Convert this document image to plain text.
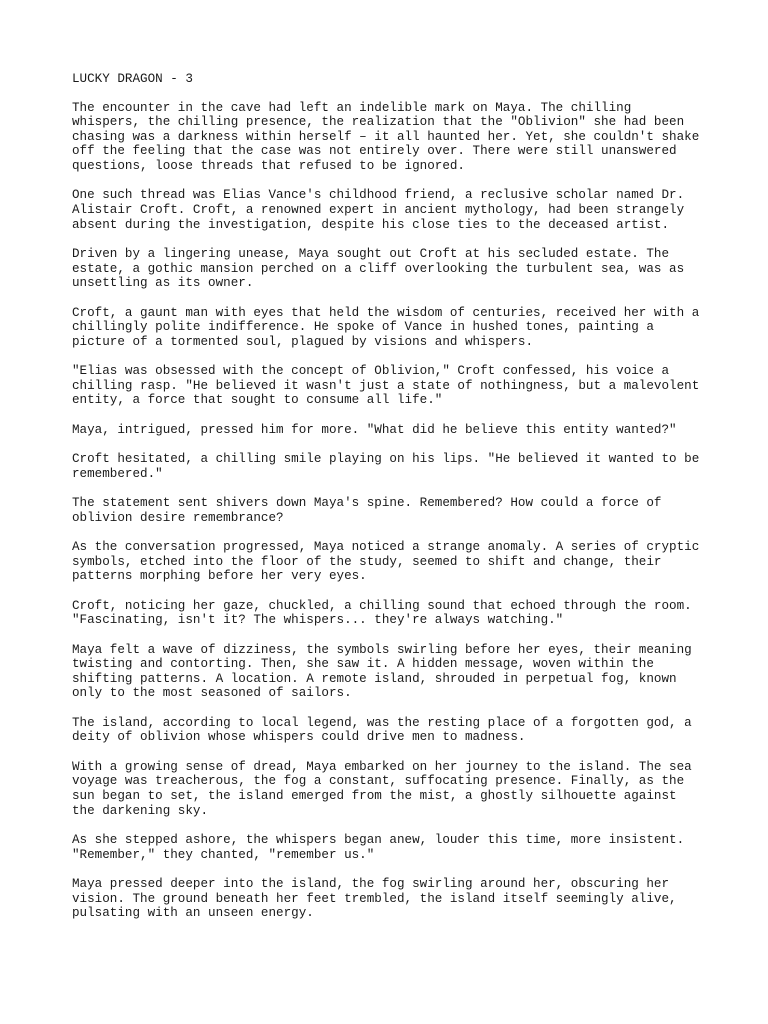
LUCKY DRAGON - 3
The encounter in the cave had left an indelible mark on Maya. The chilling
whispers, the chilling presence, the realization that the "Oblivion" she had been
chasing was a darkness within herself – it all haunted her. Yet, she couldn't shake
off the feeling that the case was not entirely over. There were still unanswered
questions, loose threads that refused to be ignored.
One such thread was Elias Vance's childhood friend, a reclusive scholar named Dr.
Alistair Croft. Croft, a renowned expert in ancient mythology, had been strangely
absent during the investigation, despite his close ties to the deceased artist.
Driven by a lingering unease, Maya sought out Croft at his secluded estate. The
estate, a gothic mansion perched on a cliff overlooking the turbulent sea, was as
unsettling as its owner.
Croft, a gaunt man with eyes that held the wisdom of centuries, received her with a
chillingly polite indifference. He spoke of Vance in hushed tones, painting a
picture of a tormented soul, plagued by visions and whispers.
"Elias was obsessed with the concept of Oblivion," Croft confessed, his voice a
chilling rasp. "He believed it wasn't just a state of nothingness, but a malevolent
entity, a force that sought to consume all life."
Maya, intrigued, pressed him for more. "What did he believe this entity wanted?"
Croft hesitated, a chilling smile playing on his lips. "He believed it wanted to be
remembered."
The statement sent shivers down Maya's spine. Remembered? How could a force of
oblivion desire remembrance?
As the conversation progressed, Maya noticed a strange anomaly. A series of cryptic
symbols, etched into the floor of the study, seemed to shift and change, their
patterns morphing before her very eyes.
Croft, noticing her gaze, chuckled, a chilling sound that echoed through the room.
"Fascinating, isn't it? The whispers... they're always watching."
Maya felt a wave of dizziness, the symbols swirling before her eyes, their meaning
twisting and contorting. Then, she saw it. A hidden message, woven within the
shifting patterns. A location. A remote island, shrouded in perpetual fog, known
only to the most seasoned of sailors.
The island, according to local legend, was the resting place of a forgotten god, a
deity of oblivion whose whispers could drive men to madness.
With a growing sense of dread, Maya embarked on her journey to the island. The sea
voyage was treacherous, the fog a constant, suffocating presence. Finally, as the
sun began to set, the island emerged from the mist, a ghostly silhouette against
the darkening sky.
As she stepped ashore, the whispers began anew, louder this time, more insistent.
"Remember," they chanted, "remember us."
Maya pressed deeper into the island, the fog swirling around her, obscuring her
vision. The ground beneath her feet trembled, the island itself seemingly alive,
pulsating with an unseen energy.
